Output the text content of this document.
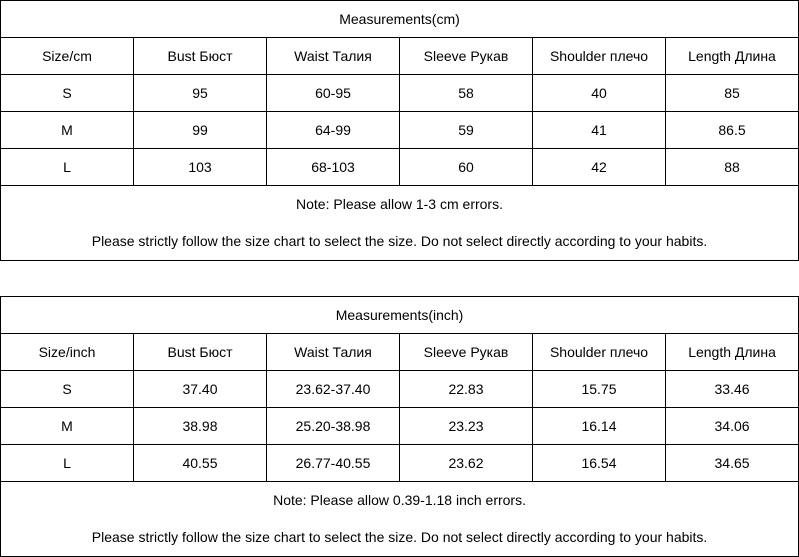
Measurements(cm)					
Size/cm	Bust Бюст	Waist Талия	Sleeve Рукав	Shoulder плечо	Length Длина
S	95	60-95	58	40	85
M	99	64-99	59	41	86.5
L	103	68-103	60	42	88

Note: Please allow 1-3 cm errors.
Please strictly follow the size chart to select the size. Do not select directly according to your habits.					
Measurements(inch)					
Size/inch	Bust Бюст	Waist Талия	Sleeve Рукав	Shoulder плечо	Length Длина
S	37.40	23.62-37.40	22.83	15.75	33.46
M	38.98	25.20-38.98	23.23	16.14	34.06
L	40.55	26.77-40.55	23.62	16.54	34.65

Note: Please allow 0.39-1.18 inch errors.
Please strictly follow the size chart to select the size. Do not select directly according to your habits.					
